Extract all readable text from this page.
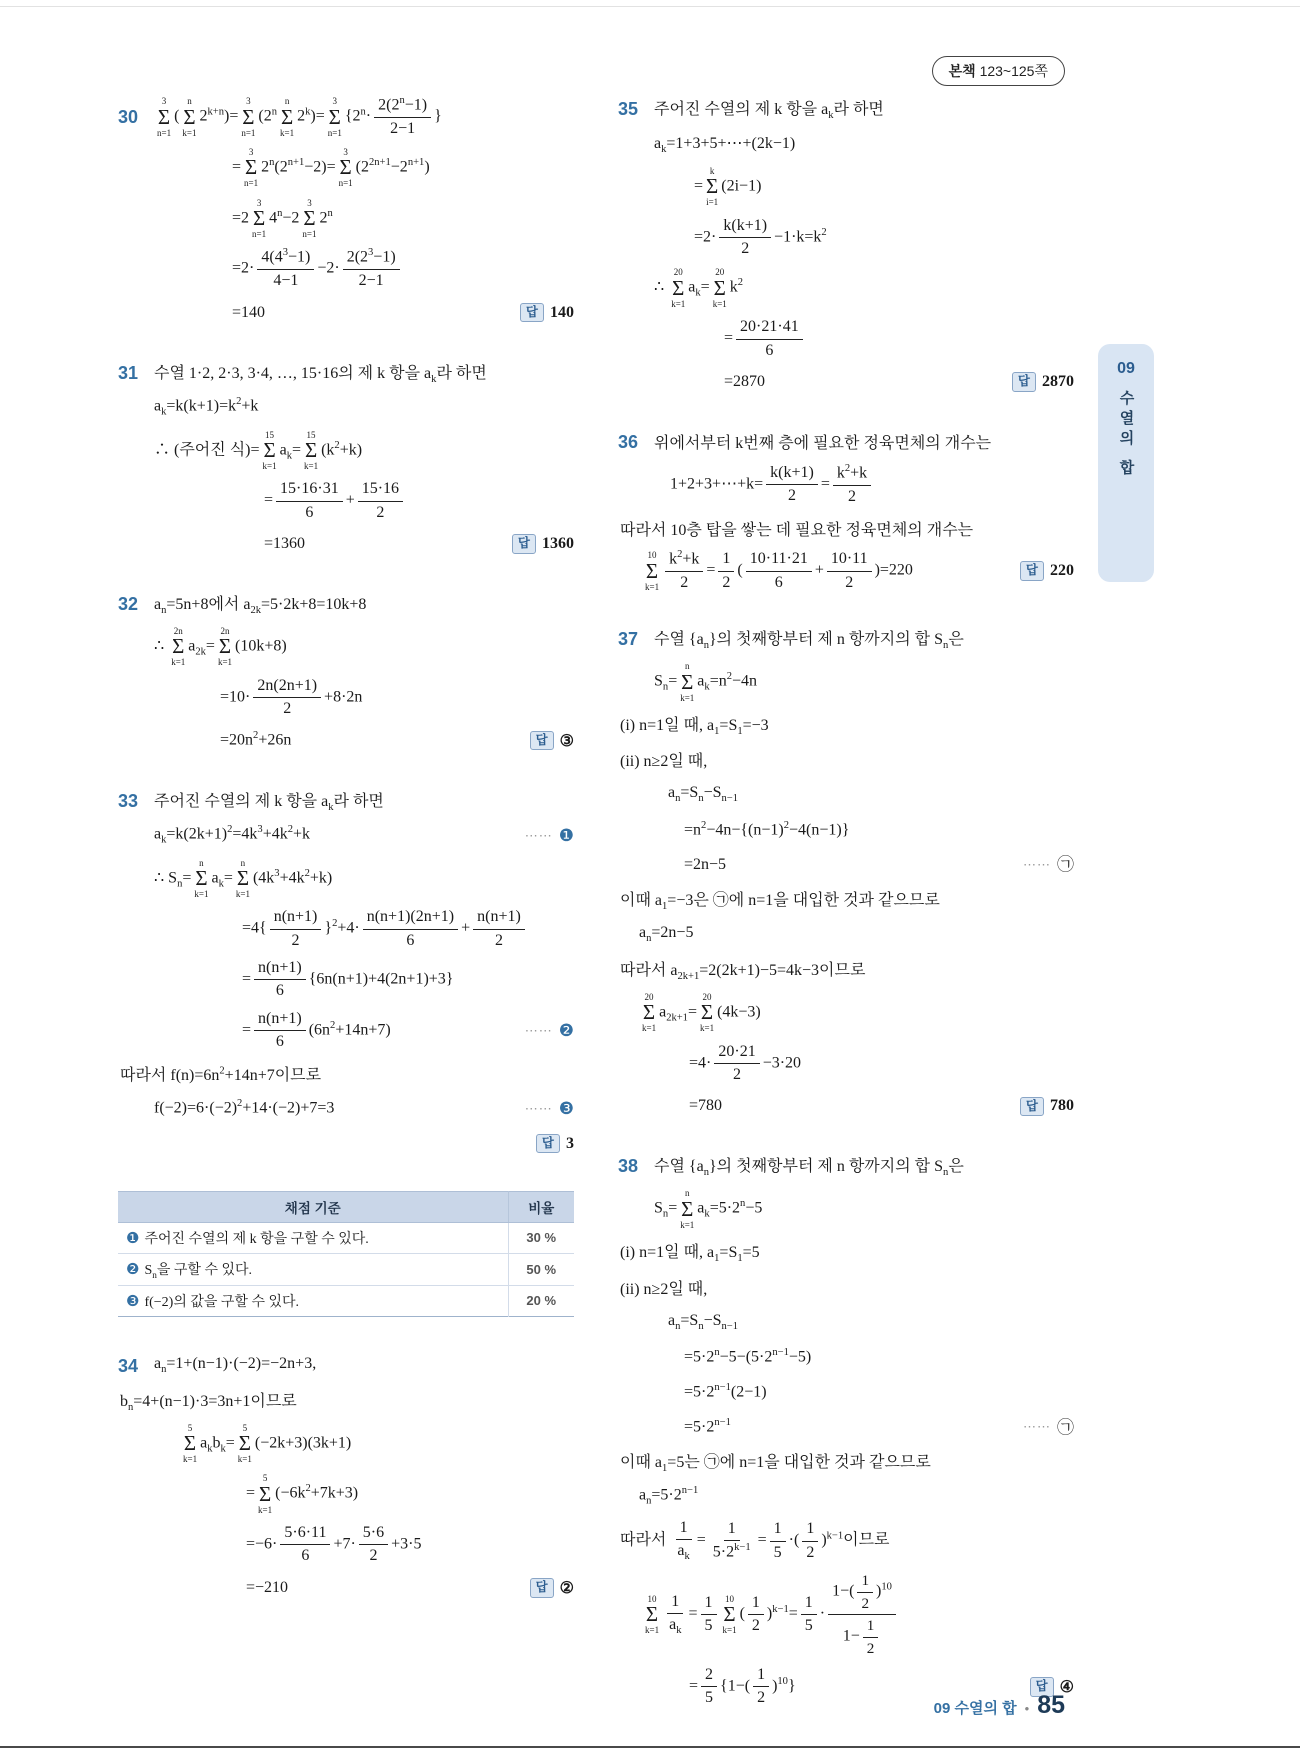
본책 123~125쪽
09
수열의 합
30
3
Σ
n=1
(
n
Σ
k=1
$2^{k+n})=$
3
Σ
n=1
(2$^n$
n
Σ
k=1
$2^k)=$
3
Σ
n=1
{$2^n\cdot \frac{2(2^n-1)}{2-1}$ }
=
3
Σ
n=1
$2^n(2^{n+1}-2)=$
3
Σ
n=1
$(2^{2n+1}-2^{n+1})$
=2
3
Σ
n=1
$4^n-2$
3
Σ
n=1
$2^n$
$=2\cdot \frac{4(4^3-1)}{4-1} -2\cdot \frac{2(2^3-1)}{2-1}$
=140	답 140
31 수열 1·2, 2·3, 3·4, …, 15·16의 제 k 항을 $a_k$라 하면
$a_k=k(k+1)=k^2+k$
∴ (주어진 식)=
15
Σ
k=1
$a_k=$
15
Σ
k=1
$(k^2+k)$
= $\frac{15\cdot 16\cdot 31}{6} + \frac{15\cdot 16}{2}$
=1360	답 1360
32 $a_n=5n+8$에서 $a_{2k}=5\cdot 2k+8=10k+8$
∴
2n
Σ
k=1
$a_{2k}=$
2n
Σ
k=1
(10k+8)
$=10\cdot \frac{2n(2n+1)}{2} +8\cdot 2n$
$=20n^2+26n$	답 ③
33 주어진 수열의 제 k 항을 $a_k$라 하면
$a_k=k(2k+1)^2=4k^3+4k^2+k$	⋯⋯ ❶
∴ $S_n=$
n
Σ
k=1
$a_k=$
n
Σ
k=1
$(4k^3+4k^2+k)$
$=4\{ \frac{n(n+1)}{2} \}^2+4\cdot \frac{n(n+1)(2n+1)}{6} + \frac{n(n+1)}{2}$
= $\frac{n(n+1)}{6} \{6n(n+1)+4(2n+1)+3\}$
= $\frac{n(n+1)}{6} (6n^2+14n+7)$	⋯⋯ ❷
따라서 $f(n)=6n^2+14n+7$이므로
$f(-2)=6\cdot(-2)^2+14\cdot(-2)+7=3$	⋯⋯ ❸
답 3
채점 기준	비율
❶ 주어진 수열의 제 k 항을 구할 수 있다.	30 %
❷ $S_n$을 구할 수 있다.	50 %
❸ f(−2)의 값을 구할 수 있다.	20 %
34 $a_n=1+(n-1)\cdot(-2)=-2n+3$,
$b_n=4+(n-1)\cdot 3=3n+1$이므로
5
Σ
k=1
$a_kb_k=$
5
Σ
k=1
(−2k+3)(3k+1)
=
5
Σ
k=1
$(-6k^2+7k+3)$
$=-6\cdot \frac{5\cdot 6\cdot 11}{6} +7\cdot \frac{5\cdot 6}{2} +3\cdot 5$
=−210	답 ②
35 주어진 수열의 제 k 항을 $a_k$라 하면
$a_k=1+3+5+\cdots+(2k-1)$
=
k
Σ
i=1
(2i−1)
$=2\cdot \frac{k(k+1)}{2} -1\cdot k=k^2$
∴
20
Σ
k=1
$a_k=$
20
Σ
k=1
$k^2$
= $\frac{20\cdot 21\cdot 41}{6}$
=2870	답 2870
36 위에서부터 k번째 층에 필요한 정육면체의 개수는
1+2+3+⋯+k= $\frac{k(k+1)}{2} = \frac{k^2+k}{2}$
따라서 10층 탑을 쌓는 데 필요한 정육면체의 개수는
10
Σ
$k=1 \frac{k^2+k}{2} = \frac{1}{2}$ ( $\frac{10\cdot 11\cdot 21}{6} + \frac{10\cdot 11}{2} )=220$	답 220
37 수열 $\{a_n\}$의 첫째항부터 제 n 항까지의 합 $S_n$은
$S_n=$
n
Σ
k=1
$a_k=n^2-4n$
(i) n=1일 때, $a_1=S_1=-3$
(ii) n≥2일 때,
$a_n=S_n-S_{n-1}$
$=n^2-4n-\{(n-1)^2-4(n-1)\}$
=2n−5	⋯⋯ ㉠
이때 $a_1=-3$은 ㉠에 n=1을 대입한 것과 같으므로
$a_n=2n-5$
따라서 $a_{2k+1}=2(2k+1)-5=4k-3$이므로
20
Σ
k=1
$a_{2k+1}=$
20
Σ
k=1
(4k−3)
$=4\cdot \frac{20\cdot 21}{2} -3\cdot 20$
=780	답 780
38 수열 $\{a_n\}$의 첫째항부터 제 n 항까지의 합 $S_n$은
$S_n=$
n
Σ
k=1
$a_k=5\cdot 2^n-5$
(i) n=1일 때, $a_1=S_1=5$
(ii) n≥2일 때,
$a_n=S_n-S_{n-1}$
$=5\cdot 2^n-5-(5\cdot 2^{n-1}-5)$
$=5\cdot 2^{n-1}(2-1)$
$=5\cdot 2^{n-1}$	⋯⋯ ㉠
이때 $a_1=5$는 ㉠에 n=1을 대입한 것과 같으므로
$a_n=5\cdot 2^{n-1}$
따라서 $\frac{1}{a_k} = \frac{1}{5\cdot 2^{k-1}} = \frac{1}{5}$ ·( $\frac{1}{2} )^{k-1}$이므로
10
Σ
$k=1 \frac{1}{a_k} = \frac{1}{5} 10$
Σ
k=1
( $\frac{1}{2} )^{k-1}= \frac{1}{5} \cdot \frac{1-( \frac{1}{2} )^{10}}{1- \frac{1}{2}}$
= $\frac{2}{5} \{1-( \frac{1}{2} )^{10}\}$	답 ④
09 수열의 합 • 85
